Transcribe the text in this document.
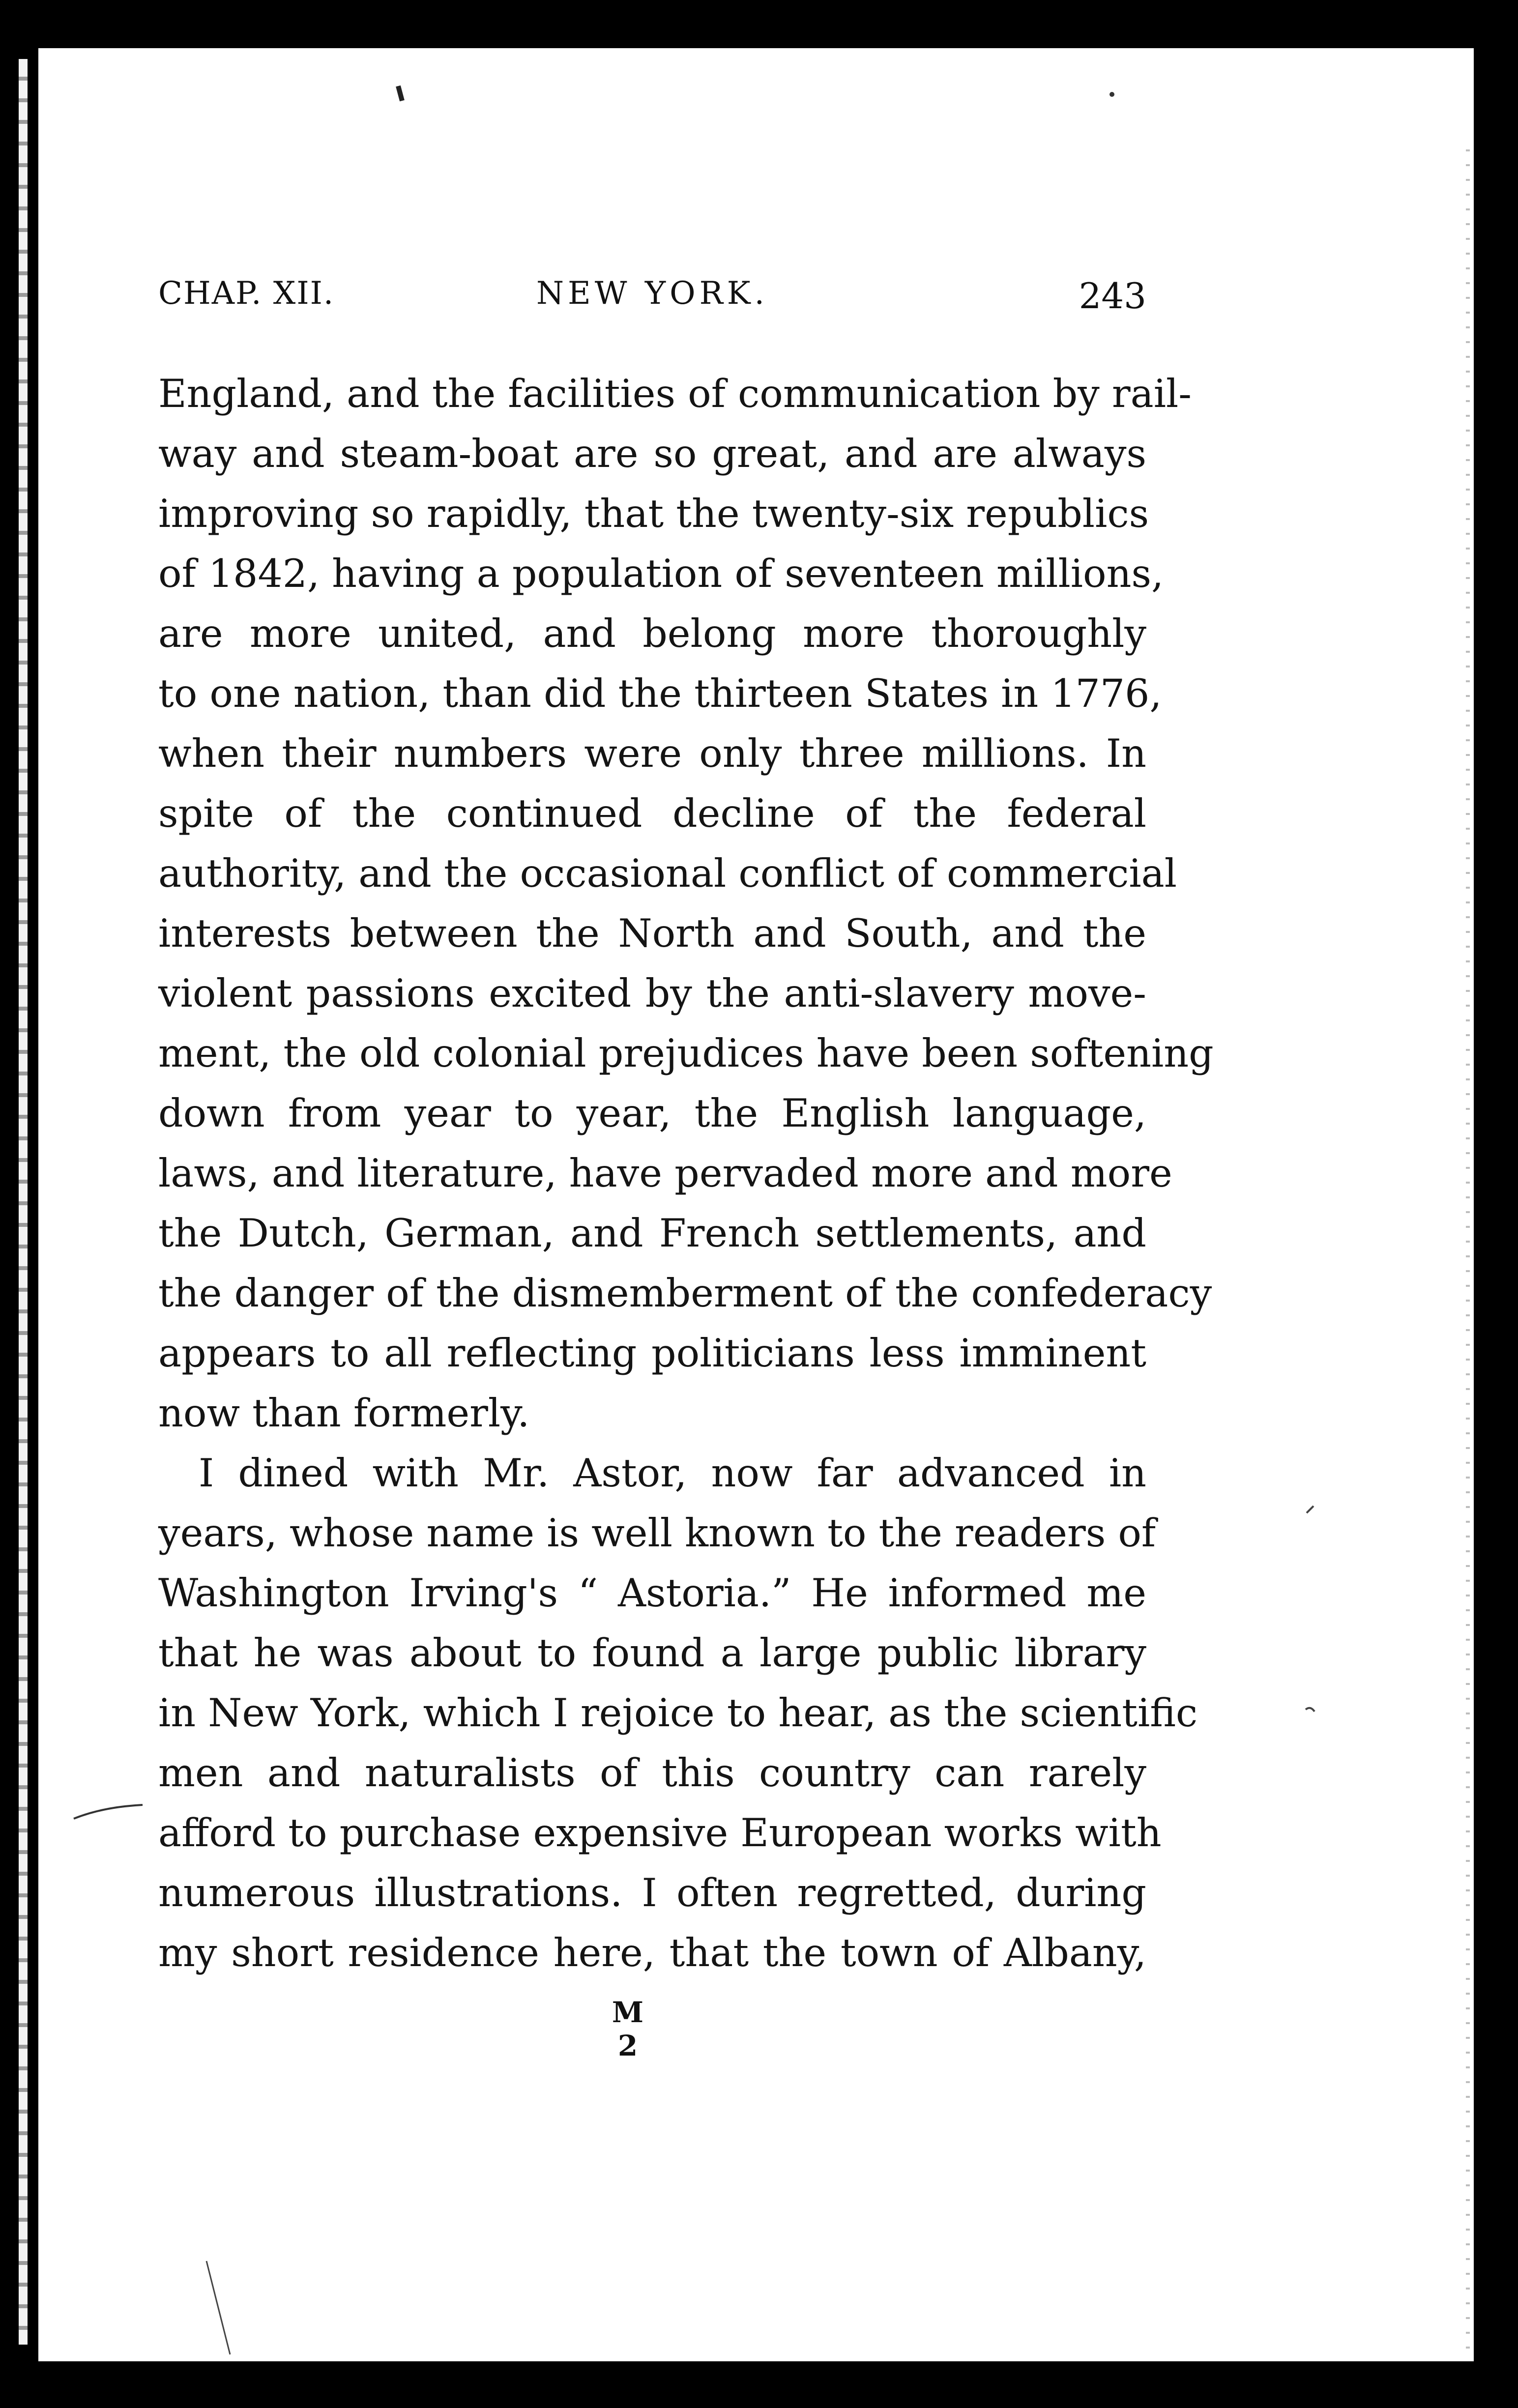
CHAP. XII.	NEW YORK.	243
England, and the facilities of communication by rail-
way and steam-boat are so great, and are always
improving so rapidly, that the twenty-six republics
of 1842, having a population of seventeen millions,
are more united, and belong more thoroughly
to one nation, than did the thirteen States in 1776,
when their numbers were only three millions. In
spite of the continued decline of the federal
authority, and the occasional conflict of commercial
interests between the North and South, and the
violent passions excited by the anti-slavery move-
ment, the old colonial prejudices have been softening
down from year to year, the English language,
laws, and literature, have pervaded more and more
the Dutch, German, and French settlements, and
the danger of the dismemberment of the confederacy
appears to all reflecting politicians less imminent
now than formerly.
I dined with Mr. Astor, now far advanced in
years, whose name is well known to the readers of
Washington Irving's “ Astoria.” He informed me
that he was about to found a large public library
in New York, which I rejoice to hear, as the scientific
men and naturalists of this country can rarely
afford to purchase expensive European works with
numerous illustrations. I often regretted, during
my short residence here, that the town of Albany,
M 2
